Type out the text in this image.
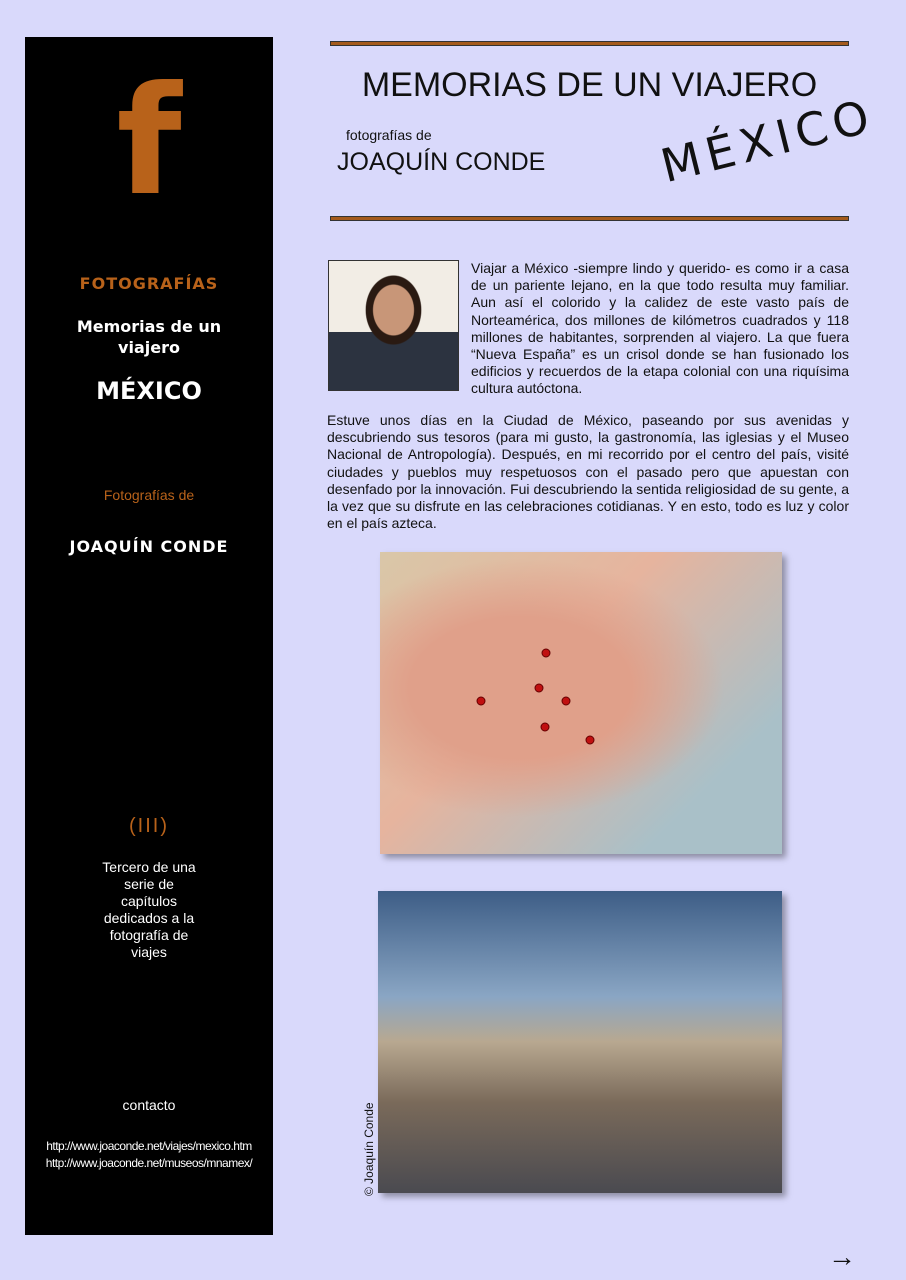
f
FOTOGRAFÍAS
Memorias de un viajero
MÉXICO
Fotografías de
JOAQUÍN CONDE
(III)
Tercero de una serie de capítulos dedicados a la fotografía de viajes
contacto
http://www.joaconde.net/viajes/mexico.htm
http://www.joaconde.net/museos/mnamex/
MEMORIAS DE UN VIAJERO
fotografías de
JOAQUÍN CONDE MÉXICO
Viajar a México -siempre lindo y querido- es como ir a casa de un pariente lejano, en la que todo resulta muy familiar. Aun así el colorido y la calidez de este vasto país de Norteamérica, dos millones de kilómetros cuadrados y 118 millones de habitantes, sorprenden al viajero. La que fuera “Nueva España” es un crisol donde se han fusionado los edificios y recuerdos de la etapa colonial con una riquísima cultura autóctona.
Estuve unos días en la Ciudad de México, paseando por sus avenidas y descubriendo sus tesoros (para mi gusto, la gastronomía, las iglesias y el Museo Nacional de Antropología). Después, en mi recorrido por el centro del país, visité ciudades y pueblos muy respetuosos con el pasado pero que apuestan con desenfado por la innovación. Fui descubriendo la sentida religiosidad de su gente, a la vez que su disfrute en las celebraciones cotidianas. Y en esto, todo es luz y color en el país azteca.
© Joaquín Conde
→
